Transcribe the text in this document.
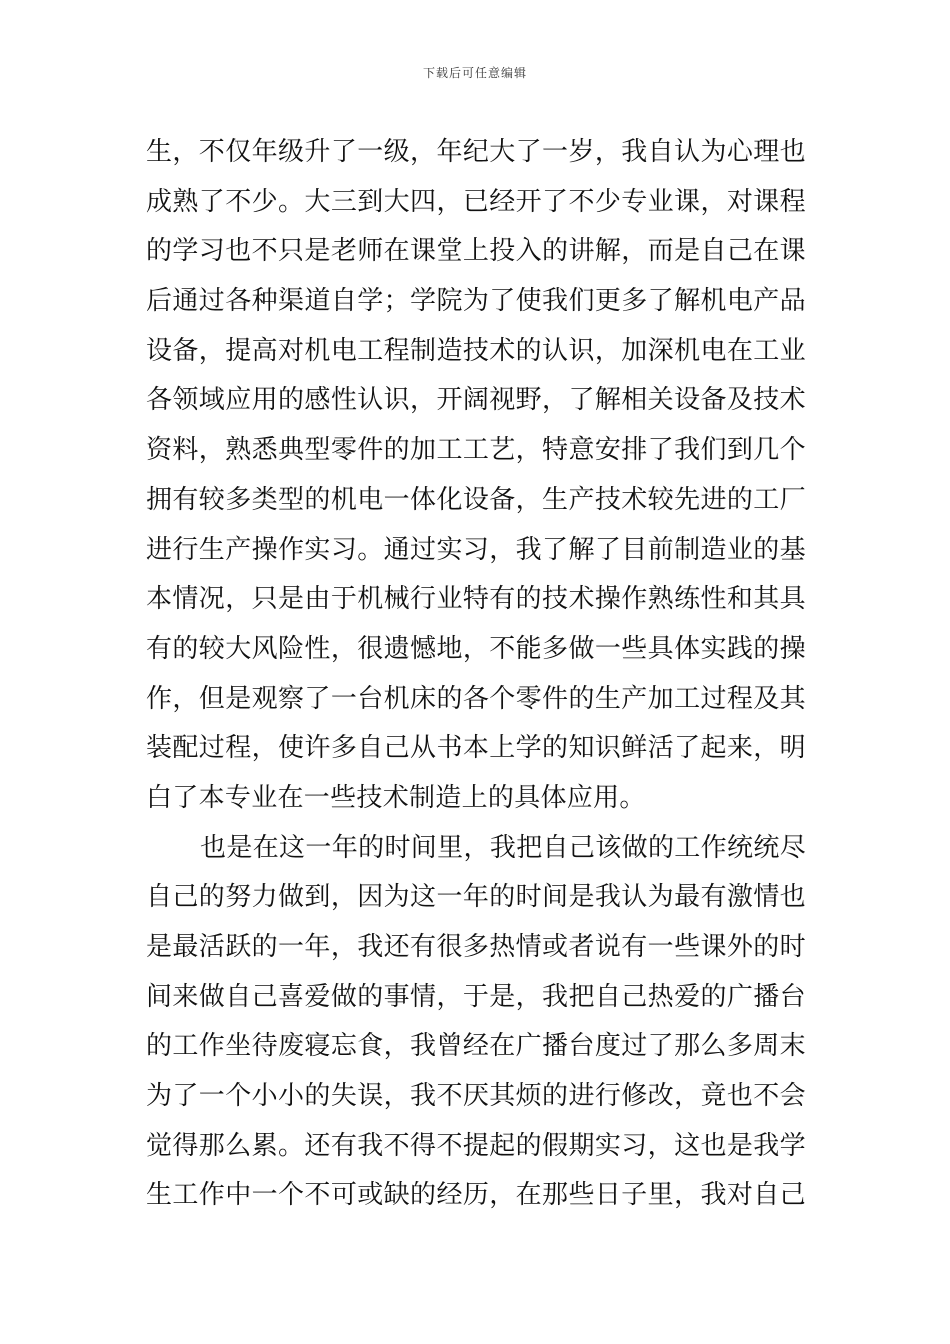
下载后可任意编辑
生，不仅年级升了一级，年纪大了一岁，我自认为心理也
成熟了不少。大三到大四，已经开了不少专业课，对课程
的学习也不只是老师在课堂上投入的讲解，而是自己在课
后通过各种渠道自学；学院为了使我们更多了解机电产品
设备，提高对机电工程制造技术的认识，加深机电在工业
各领域应用的感性认识，开阔视野，了解相关设备及技术
资料，熟悉典型零件的加工工艺，特意安排了我们到几个
拥有较多类型的机电一体化设备，生产技术较先进的工厂
进行生产操作实习。通过实习，我了解了目前制造业的基
本情况，只是由于机械行业特有的技术操作熟练性和其具
有的较大风险性，很遗憾地，不能多做一些具体实践的操
作，但是观察了一台机床的各个零件的生产加工过程及其
装配过程，使许多自己从书本上学的知识鲜活了起来，明
白了本专业在一些技术制造上的具体应用。
也是在这一年的时间里，我把自己该做的工作统统尽
自己的努力做到，因为这一年的时间是我认为最有激情也
是最活跃的一年，我还有很多热情或者说有一些课外的时
间来做自己喜爱做的事情，于是，我把自己热爱的广播台
的工作坐待废寝忘食，我曾经在广播台度过了那么多周末
为了一个小小的失误，我不厌其烦的进行修改，竟也不会
觉得那么累。还有我不得不提起的假期实习，这也是我学
生工作中一个不可或缺的经历，在那些日子里，我对自己
